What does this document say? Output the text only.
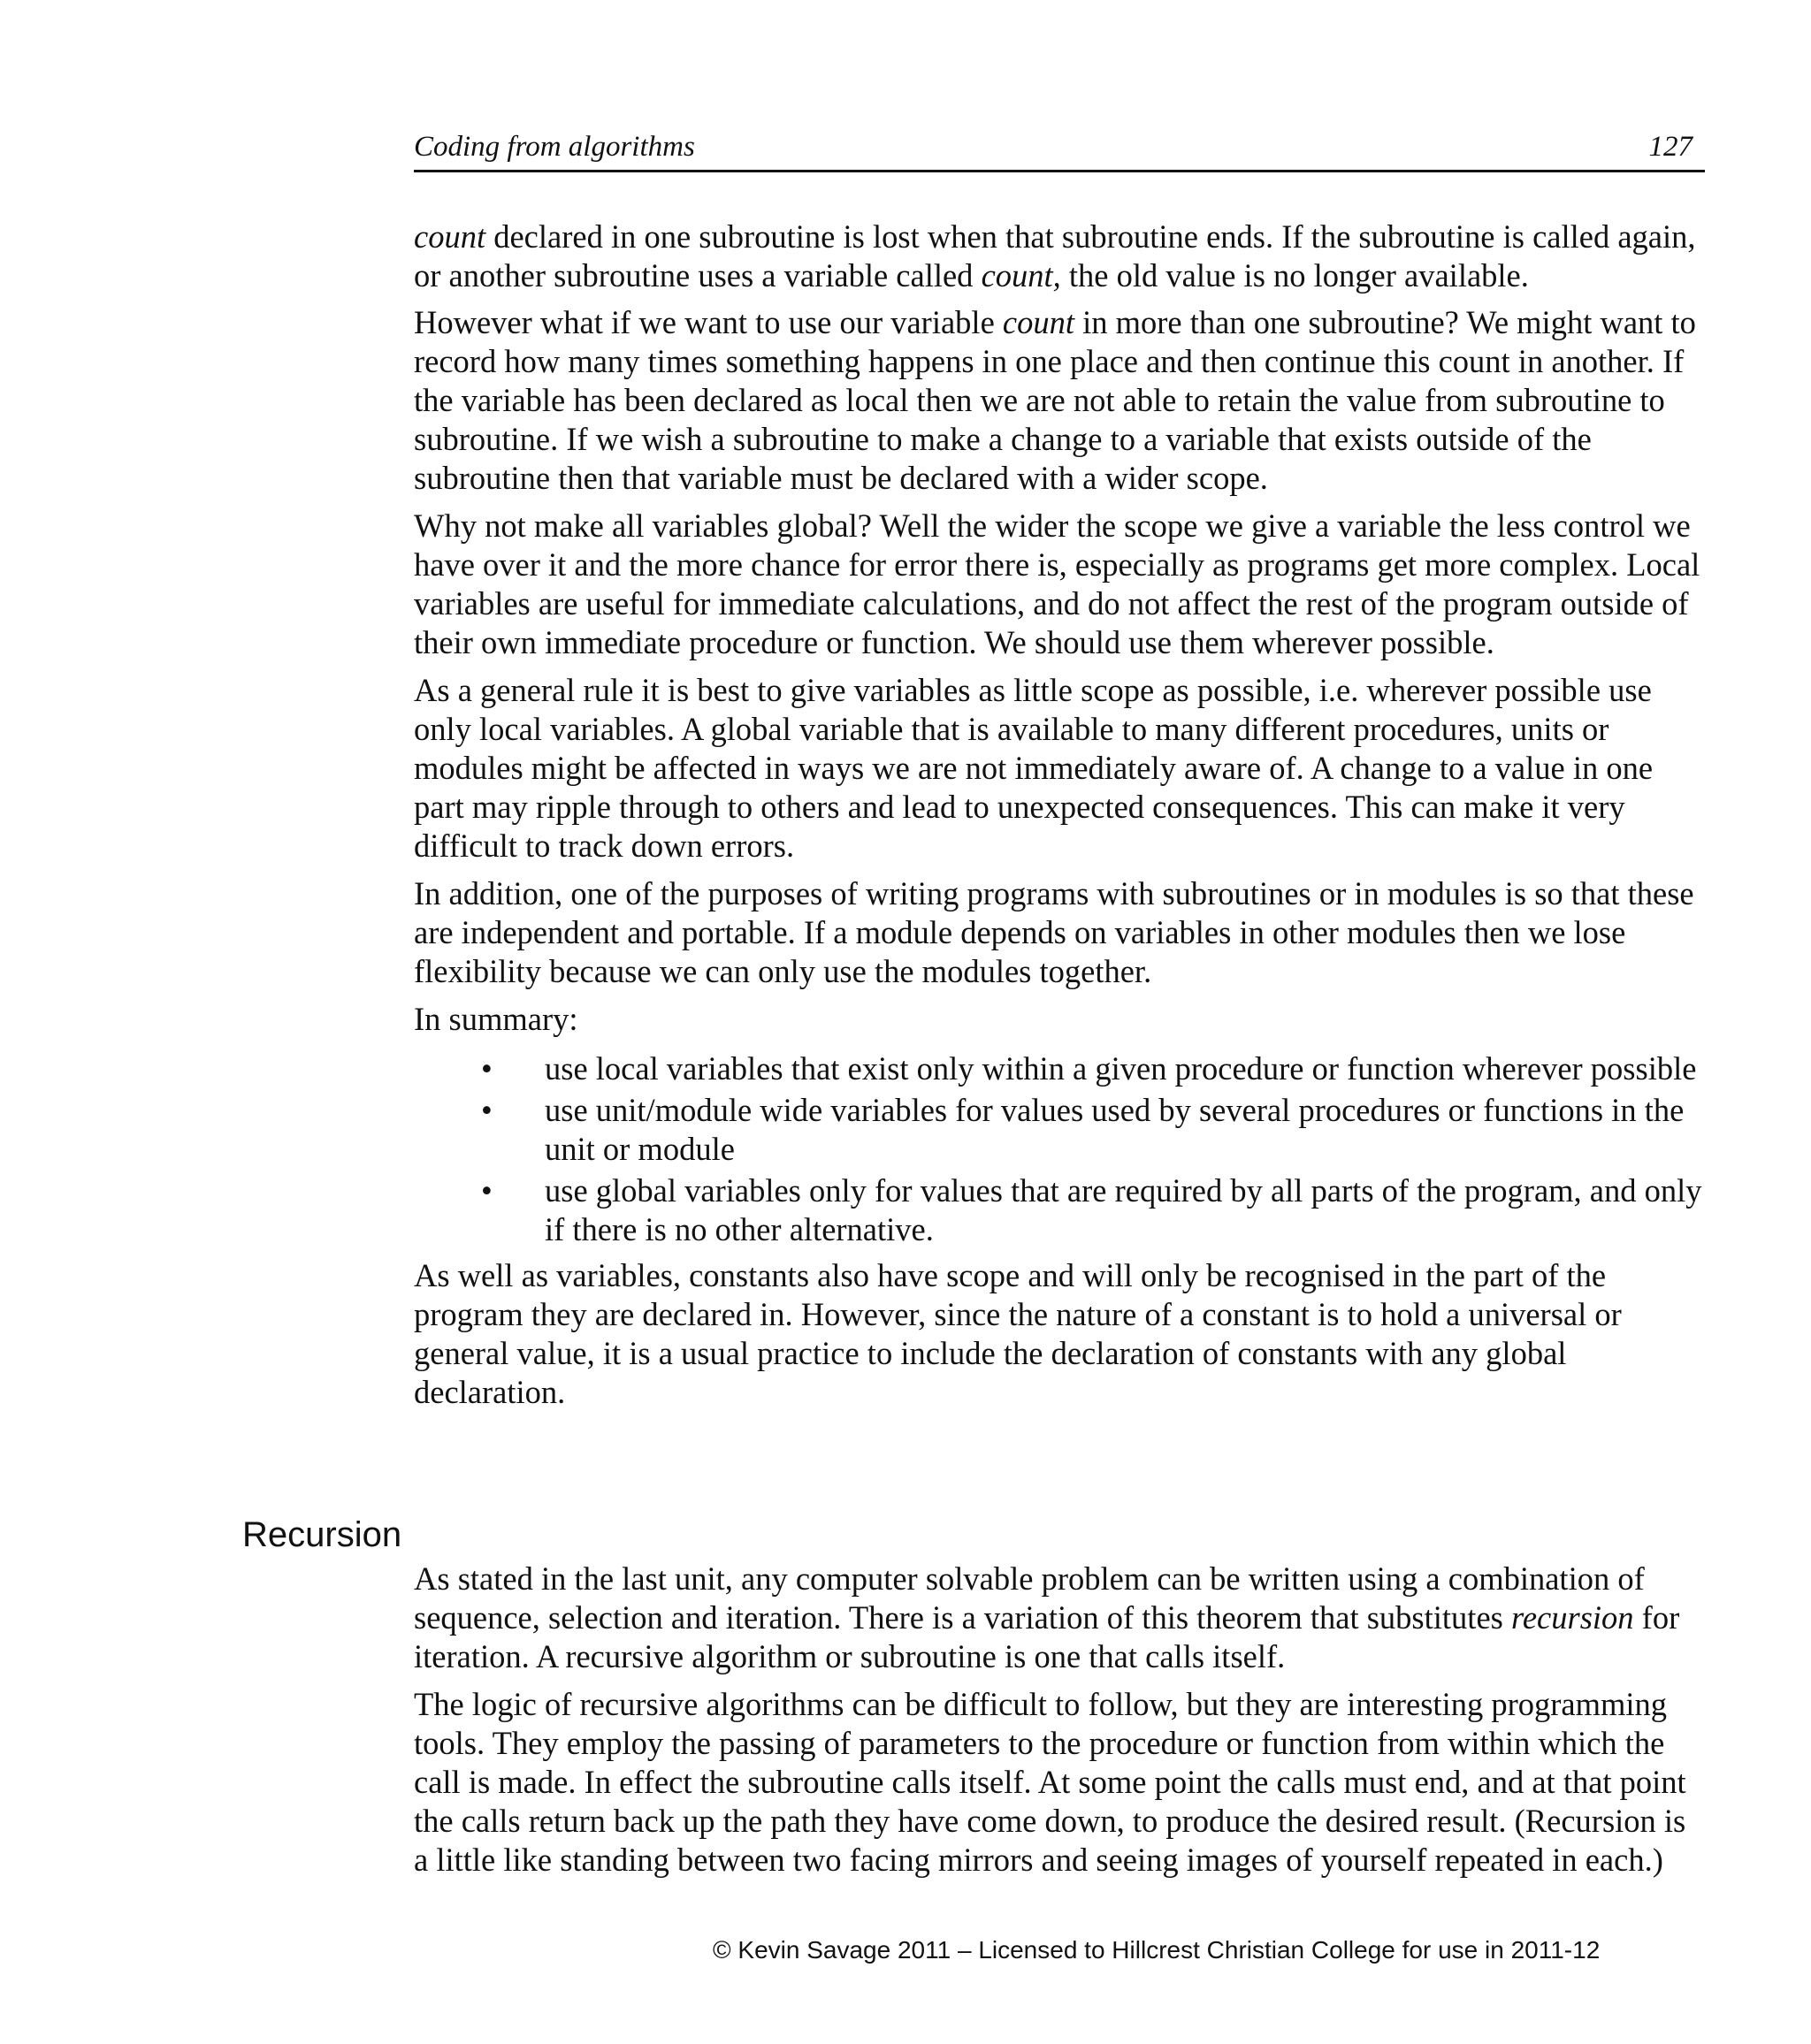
Coding from algorithms	127

count declared in one subroutine is lost when that subroutine ends. If the subroutine is called again, or another subroutine uses a variable called count, the old value is no longer available.

However what if we want to use our variable count in more than one subroutine? We might want to record how many times something happens in one place and then continue this count in another. If the variable has been declared as local then we are not able to retain the value from subroutine to subroutine. If we wish a subroutine to make a change to a variable that exists outside of the subroutine then that variable must be declared with a wider scope.

Why not make all variables global? Well the wider the scope we give a variable the less control we have over it and the more chance for error there is, especially as programs get more complex. Local variables are useful for immediate calculations, and do not affect the rest of the program outside of their own immediate procedure or function. We should use them wherever possible.

As a general rule it is best to give variables as little scope as possible, i.e. wherever possible use only local variables. A global variable that is available to many different procedures, units or modules might be affected in ways we are not immediately aware of. A change to a value in one part may ripple through to others and lead to unexpected consequences. This can make it very difficult to track down errors.

In addition, one of the purposes of writing programs with subroutines or in modules is so that these are independent and portable. If a module depends on variables in other modules then we lose flexibility because we can only use the modules together.

In summary:

• use local variables that exist only within a given procedure or function wherever possible
• use unit/module wide variables for values used by several procedures or functions in the unit or module
• use global variables only for values that are required by all parts of the program, and only if there is no other alternative.

As well as variables, constants also have scope and will only be recognised in the part of the program they are declared in. However, since the nature of a constant is to hold a universal or general value, it is a usual practice to include the declaration of constants with any global declaration.

Recursion

As stated in the last unit, any computer solvable problem can be written using a combination of sequence, selection and iteration. There is a variation of this theorem that substitutes recursion for iteration. A recursive algorithm or subroutine is one that calls itself.

The logic of recursive algorithms can be difficult to follow, but they are interesting programming tools. They employ the passing of parameters to the procedure or function from within which the call is made. In effect the subroutine calls itself. At some point the calls must end, and at that point the calls return back up the path they have come down, to produce the desired result. (Recursion is a little like standing between two facing mirrors and seeing images of yourself repeated in each.)

© Kevin Savage 2011 – Licensed to Hillcrest Christian College for use in 2011-12
